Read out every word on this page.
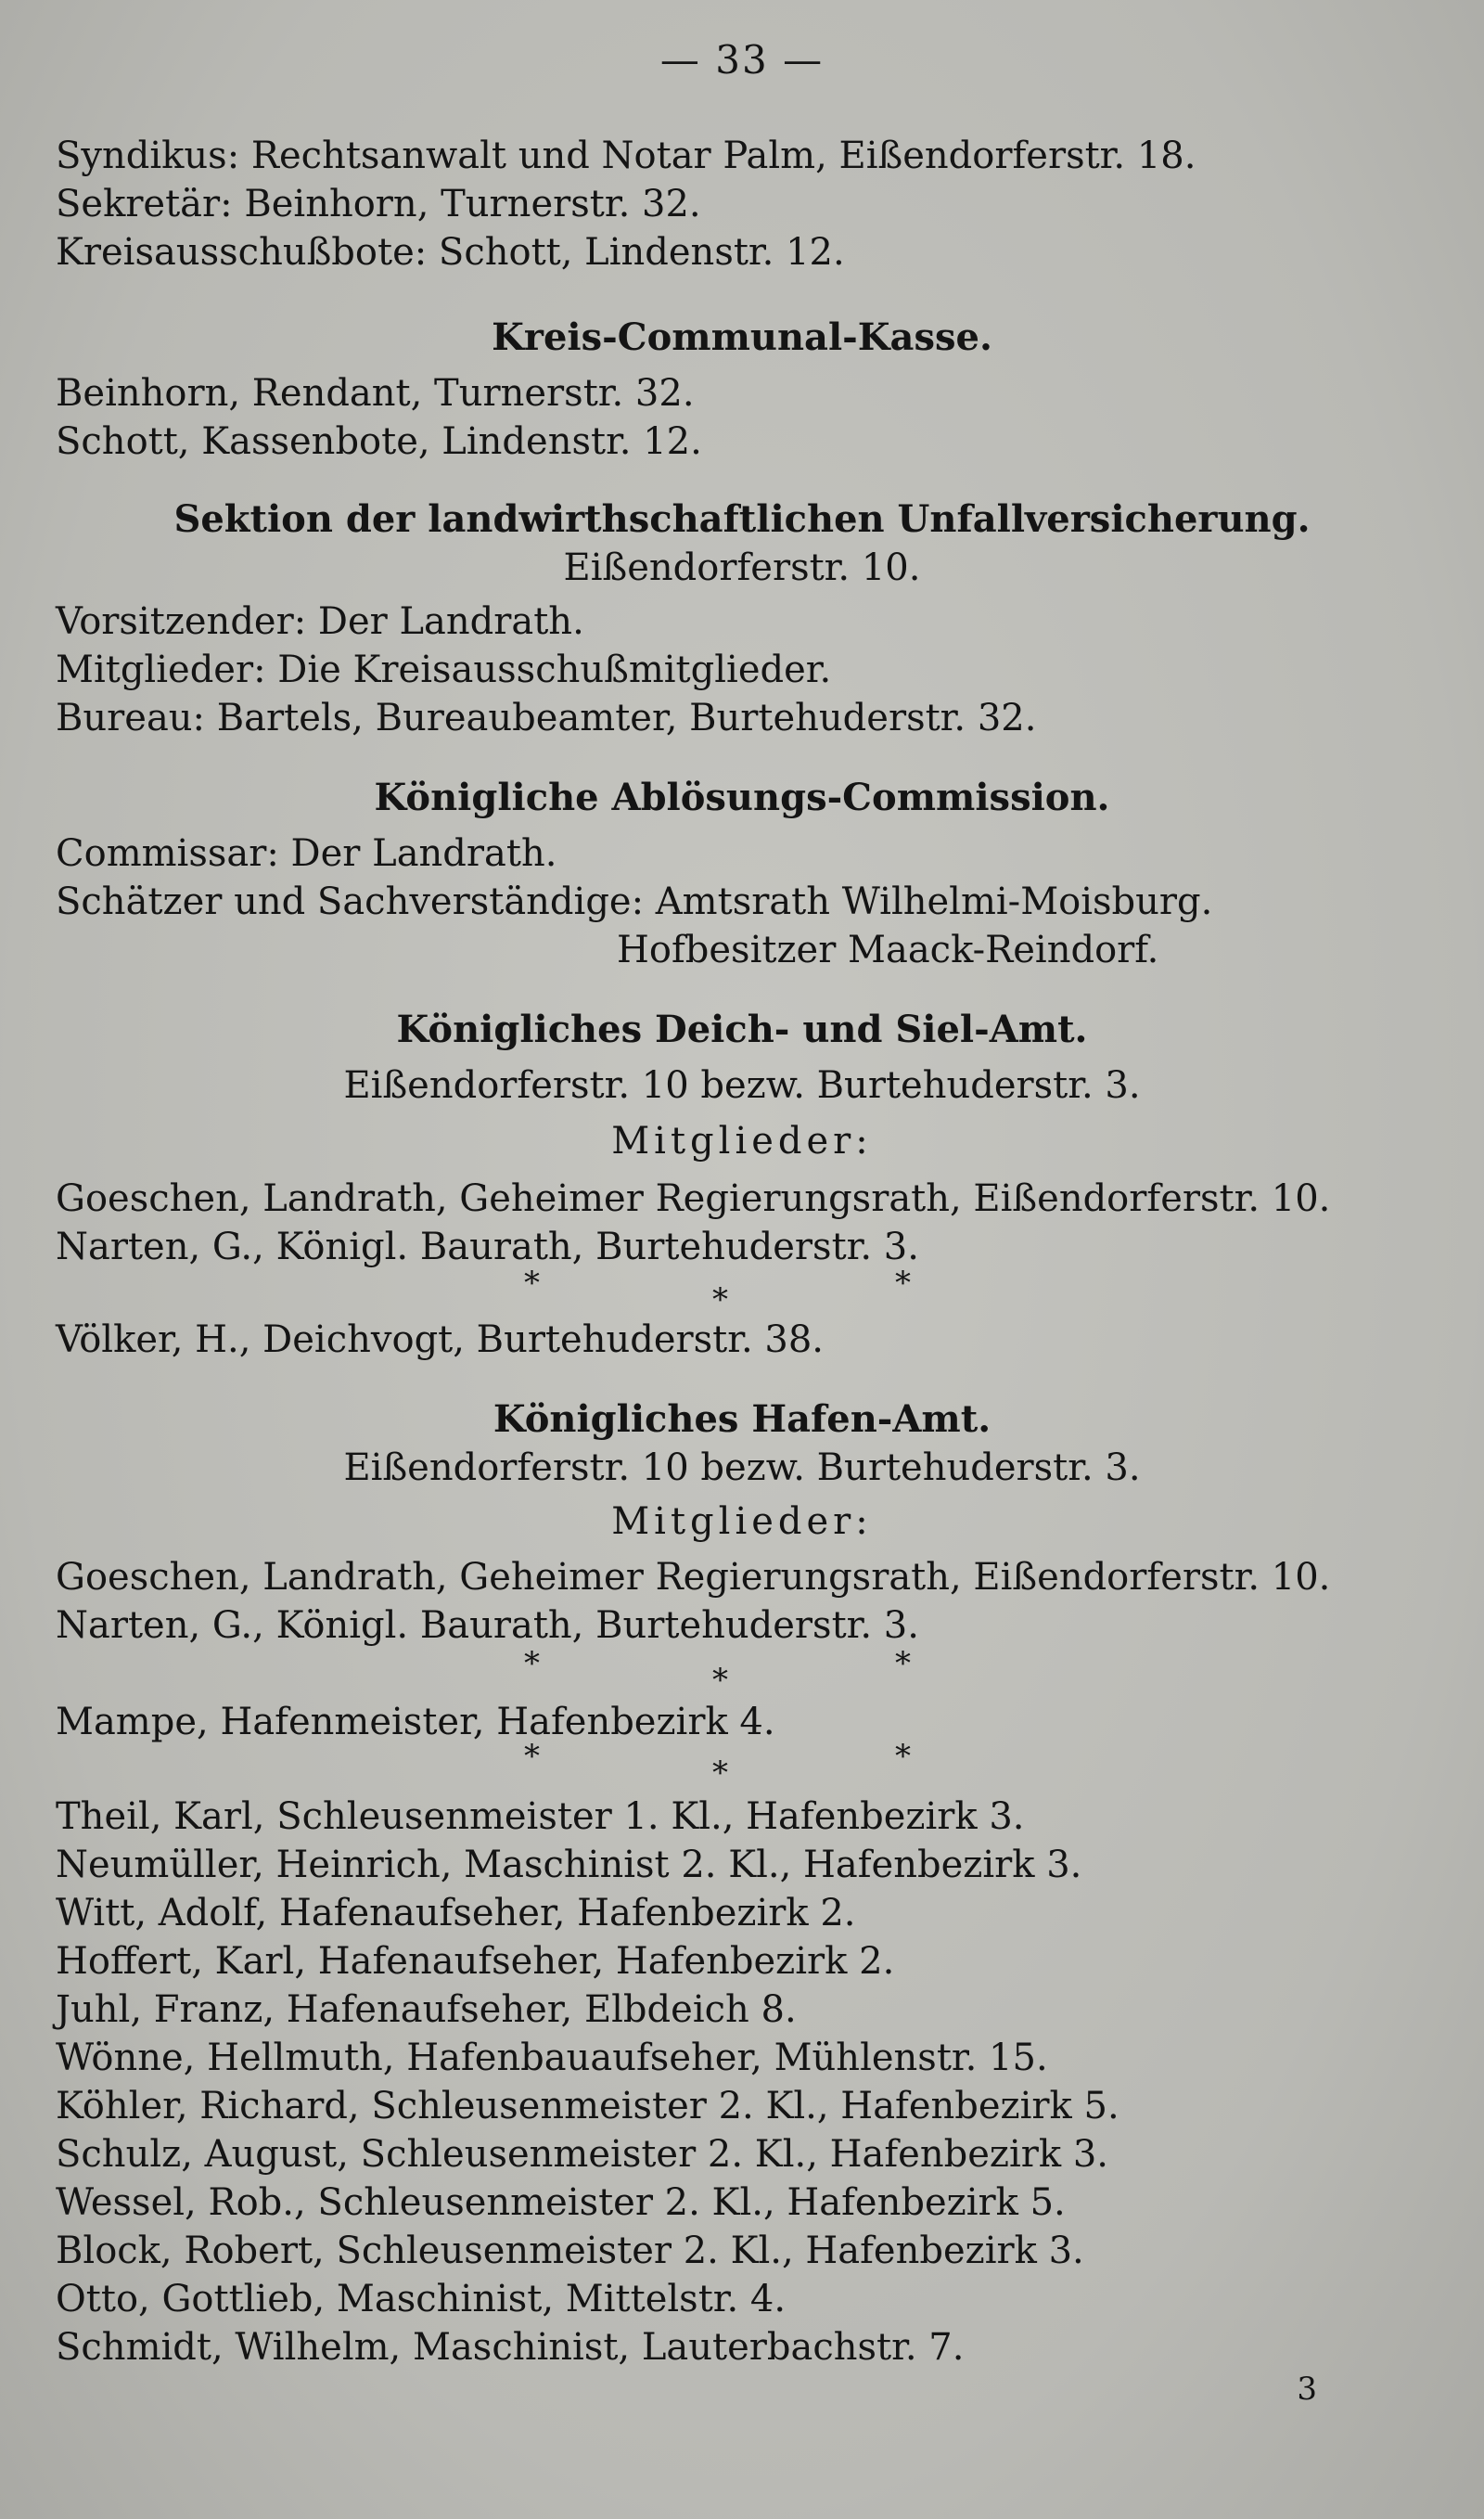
— 33 —
Syndikus: Rechtsanwalt und Notar Palm, Eißendorferstr. 18.
Sekretär: Beinhorn, Turnerstr. 32.
Kreisausschußbote: Schott, Lindenstr. 12.
Kreis-Communal-Kasse.
Beinhorn, Rendant, Turnerstr. 32.
Schott, Kassenbote, Lindenstr. 12.
Sektion der landwirthschaftlichen Unfallversicherung.
Eißendorferstr. 10.
Vorsitzender: Der Landrath.
Mitglieder: Die Kreisausschußmitglieder.
Bureau: Bartels, Bureaubeamter, Burtehuderstr. 32.
Königliche Ablösungs-Commission.
Commissar: Der Landrath.
Schätzer und Sachverständige: Amtsrath Wilhelmi-Moisburg.
Hofbesitzer Maack-Reindorf.
Königliches Deich- und Siel-Amt.
Eißendorferstr. 10 bezw. Burtehuderstr. 3.
Mitglieder:
Goeschen, Landrath, Geheimer Regierungsrath, Eißendorferstr. 10.
Narten, G., Königl. Baurath, Burtehuderstr. 3.
*	*	*
Völker, H., Deichvogt, Burtehuderstr. 38.
Königliches Hafen-Amt.
Eißendorferstr. 10 bezw. Burtehuderstr. 3.
Mitglieder:
Goeschen, Landrath, Geheimer Regierungsrath, Eißendorferstr. 10.
Narten, G., Königl. Baurath, Burtehuderstr. 3.
*	*	*
Mampe, Hafenmeister, Hafenbezirk 4.
*	*	*
Theil, Karl, Schleusenmeister 1. Kl., Hafenbezirk 3.
Neumüller, Heinrich, Maschinist 2. Kl., Hafenbezirk 3.
Witt, Adolf, Hafenaufseher, Hafenbezirk 2.
Hoffert, Karl, Hafenaufseher, Hafenbezirk 2.
Juhl, Franz, Hafenaufseher, Elbdeich 8.
Wönne, Hellmuth, Hafenbauaufseher, Mühlenstr. 15.
Köhler, Richard, Schleusenmeister 2. Kl., Hafenbezirk 5.
Schulz, August, Schleusenmeister 2. Kl., Hafenbezirk 3.
Wessel, Rob., Schleusenmeister 2. Kl., Hafenbezirk 5.
Block, Robert, Schleusenmeister 2. Kl., Hafenbezirk 3.
Otto, Gottlieb, Maschinist, Mittelstr. 4.
Schmidt, Wilhelm, Maschinist, Lauterbachstr. 7.
3
